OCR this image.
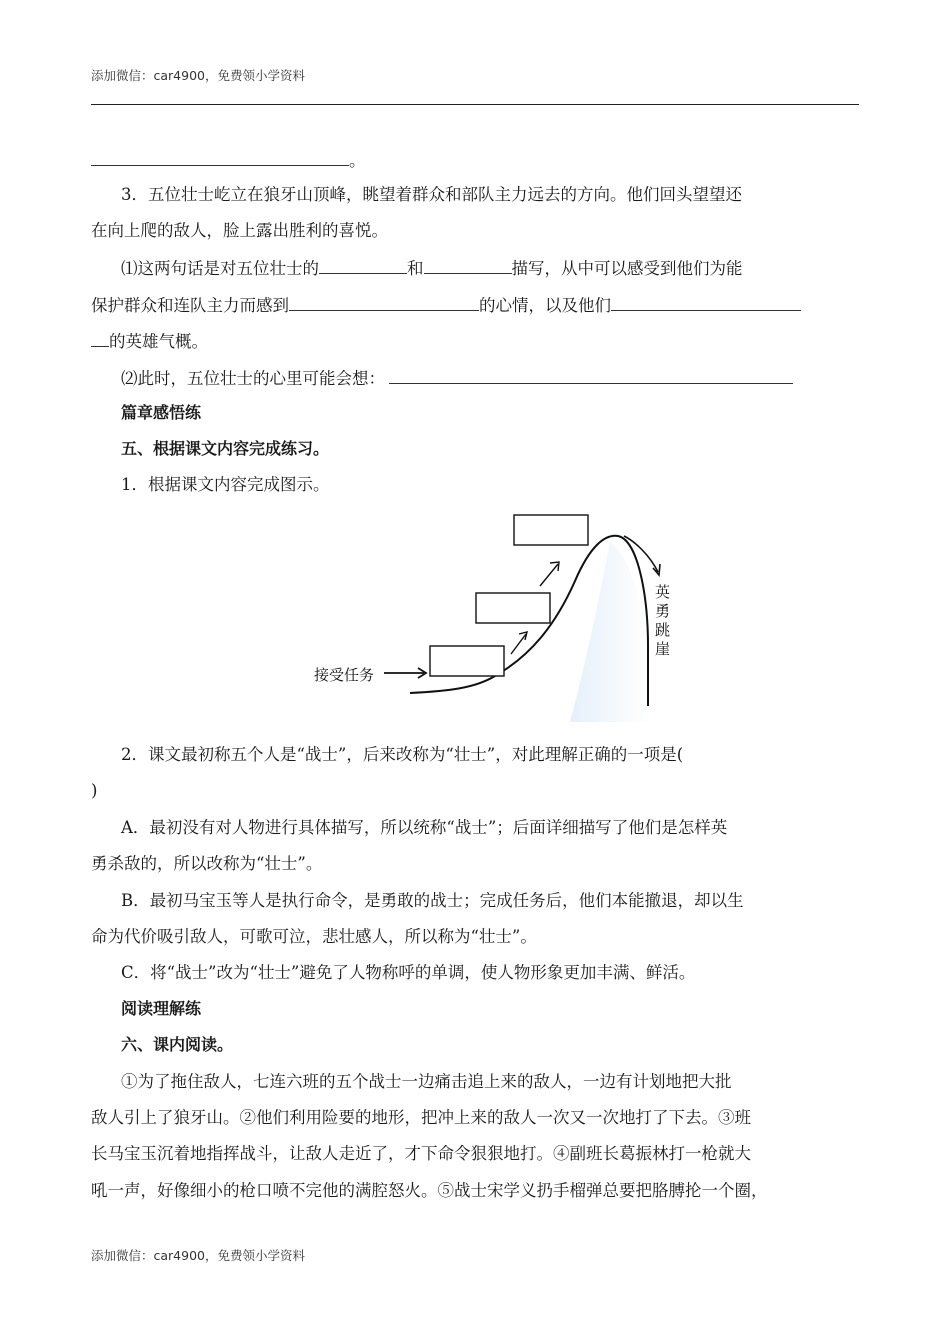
添加微信：car4900，免费领小学资料
。
3．五位壮士屹立在狼牙山顶峰，眺望着群众和部队主力远去的方向。他们回头望望还
在向上爬的敌人，脸上露出胜利的喜悦。
⑴这两句话是对五位壮士的	和	描写，从中可以感受到他们为能
保护群众和连队主力而感到	的心情，以及他们
的英雄气概。
⑵此时，五位壮士的心里可能会想：
篇章感悟练
五、根据课文内容完成练习。
1．根据课文内容完成图示。
接受任务
英
勇
跳
崖
2．课文最初称五个人是“战士”，后来改称为“壮士”，对此理解正确的一项是(
)
A．最初没有对人物进行具体描写，所以统称“战士”；后面详细描写了他们是怎样英
勇杀敌的，所以改称为“壮士”。
B．最初马宝玉等人是执行命令，是勇敢的战士；完成任务后，他们本能撤退，却以生
命为代价吸引敌人，可歌可泣，悲壮感人，所以称为“壮士”。
C．将“战士”改为“壮士”避免了人物称呼的单调，使人物形象更加丰满、鲜活。
阅读理解练
六、课内阅读。
①为了拖住敌人，七连六班的五个战士一边痛击追上来的敌人，一边有计划地把大批
敌人引上了狼牙山。②他们利用险要的地形，把冲上来的敌人一次又一次地打了下去。③班
长马宝玉沉着地指挥战斗，让敌人走近了，才下命令狠狠地打。④副班长葛振林打一枪就大
吼一声，好像细小的枪口喷不完他的满腔怒火。⑤战士宋学义扔手榴弹总要把胳膊抡一个圈，
添加微信：car4900，免费领小学资料
